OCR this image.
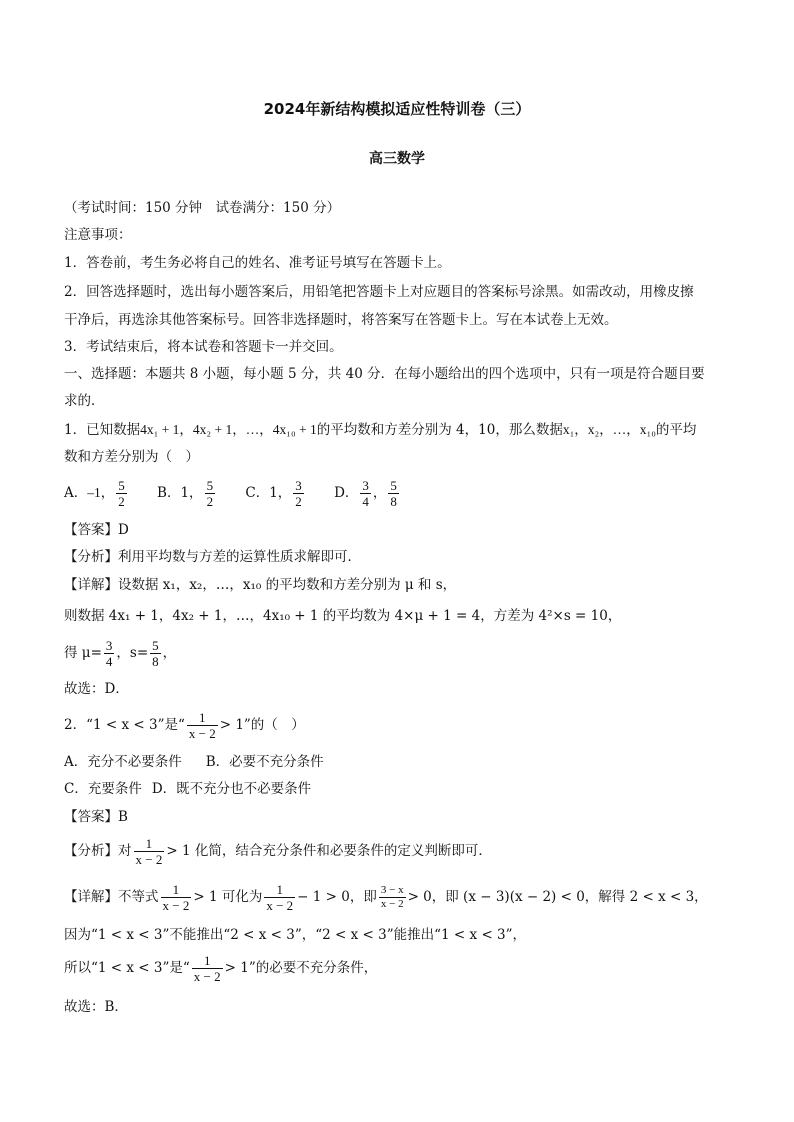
2024年新结构模拟适应性特训卷（三）
高三数学
（考试时间：150 分钟　试卷满分：150 分）
注意事项：
1．答卷前，考生务必将自己的姓名、准考证号填写在答题卡上。
2．回答选择题时，选出每小题答案后，用铅笔把答题卡上对应题目的答案标号涂黑。如需改动，用橡皮擦
干净后，再选涂其他答案标号。回答非选择题时，将答案写在答题卡上。写在本试卷上无效。
3．考试结束后，将本试卷和答题卡一并交回。
一、选择题：本题共 8 小题，每小题 5 分，共 40 分．在每小题给出的四个选项中，只有一项是符合题目要
求的．
1．已知数据4x₁ + 1，4x₂ + 1，…，4x₁₀ + 1的平均数和方差分别为 4，10，那么数据x₁，x₂，…，x₁₀的平均
数和方差分别为（　）
A．–1， $\frac{5}{2}$ B．1， $\frac{5}{2}$ C．1， $\frac{3}{2}$ D． $\frac{3}{4}$ ， $\frac{5}{8}$
【答案】D
【分析】利用平均数与方差的运算性质求解即可．
【详解】设数据 x₁，x₂，…，x₁₀ 的平均数和方差分别为 μ 和 s，
则数据 4x₁ + 1，4x₂ + 1，…，4x₁₀ + 1 的平均数为 4×μ + 1 = 4，方差为 4²×s = 10，
得 $\mu= \frac{3}{4}$ ，$s= \frac{5}{8}$ ，
故选：D．
2．“1 < x < 3”是“ $\frac{1}{x - 2} > 1$”的（　）
A．充分不必要条件 B．必要不充分条件
C．充要条件 D．既不充分也不必要条件
【答案】B
【分析】对 $\frac{1}{x - 2} > 1$ 化简，结合充分条件和必要条件的定义判断即可．
【详解】不等式 $\frac{1}{x - 2} > 1$ 可化为 $\frac{1}{x - 2} - 1 > 0$，即 $\frac{3 - x}{x - 2} > 0$，即 (x − 3)(x − 2) < 0，解得 2 < x < 3，
因为“1 < x < 3”不能推出“2 < x < 3”，“2 < x < 3”能推出“1 < x < 3”，
所以“1 < x < 3”是“ $\frac{1}{x - 2} > 1$”的必要不充分条件，
故选：B．
